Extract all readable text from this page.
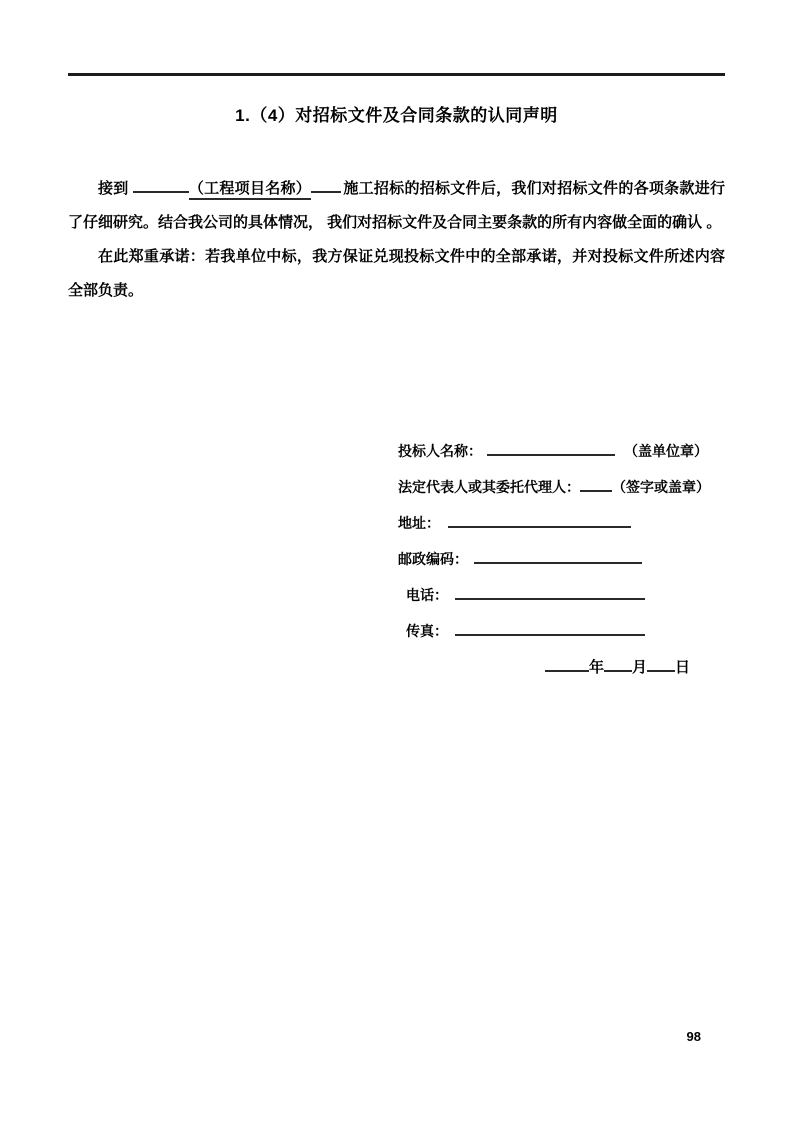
1.（4）对招标文件及合同条款的认同声明

接到	（工程项目名称） 施工招标的招标文件后，我们对招标文件的各项条款进行了仔细研究。结合我公司的具体情况， 我们对招标文件及合同主要条款的所有内容做全面的确认 。

在此郑重承诺：若我单位中标，我方保证兑现投标文件中的全部承诺，并对投标文件所述内容全部负责。

投标人名称：	（盖单位章）
法定代表人或其委托代理人： （签字或盖章）
地址：
邮政编码：
电话：
传真：
年 月 日
98
